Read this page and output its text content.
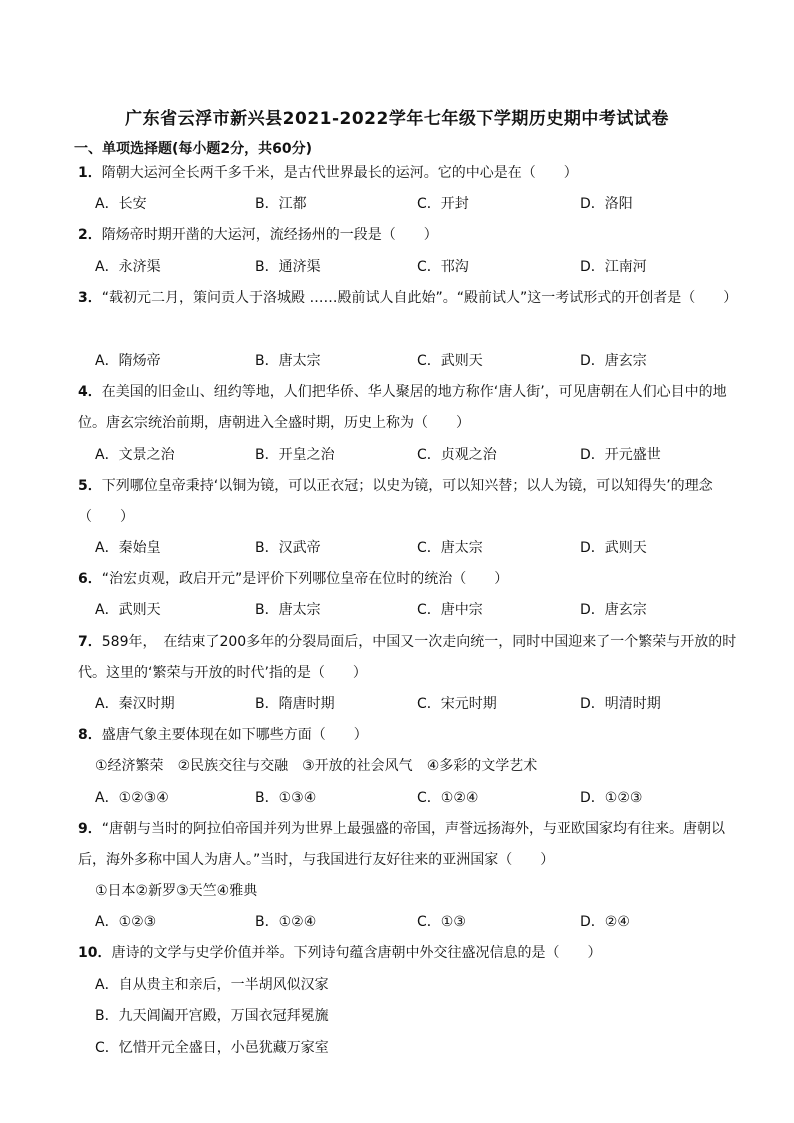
广东省云浮市新兴县2021-2022学年七年级下学期历史期中考试试卷
一、单项选择题(每小题2分，共60分)
1．隋朝大运河全长两千多千米，是古代世界最长的运河。它的中心是在（　　）
A．长安	B．江都	C．开封	D．洛阳
2．隋炀帝时期开凿的大运河，流经扬州的一段是（　　）
A．永济渠	B．通济渠	C．邗沟	D．江南河
3．“载初元二月，策问贡人于洛城殿 ……殿前试人自此始”。“殿前试人”这一考试形式的开创者是（　　）
A．隋炀帝	B．唐太宗	C．武则天	D．唐玄宗
4．在美国的旧金山、纽约等地，人们把华侨、华人聚居的地方称作‘唐人街’，可见唐朝在人们心目中的地位。唐玄宗统治前期，唐朝进入全盛时期，历史上称为（　　）
A．文景之治	B．开皇之治	C．贞观之治	D．开元盛世
5．下列哪位皇帝秉持‘以铜为镜，可以正衣冠；以史为镜，可以知兴替；以人为镜，可以知得失’的理念（　　）
A．秦始皇	B．汉武帝	C．唐太宗	D．武则天
6．“治宏贞观，政启开元”是评价下列哪位皇帝在位时的统治（　　）
A．武则天	B．唐太宗	C．唐中宗	D．唐玄宗
7．589年，　在结束了200多年的分裂局面后，中国又一次走向统一，同时中国迎来了一个繁荣与开放的时代。这里的‘繁荣与开放的时代’指的是（　　）
A．秦汉时期	B．隋唐时期	C．宋元时期	D．明清时期
8．盛唐气象主要体现在如下哪些方面（　　）
①经济繁荣 ②民族交往与交融 ③开放的社会风气 ④多彩的文学艺术
A．①②③④	B．①③④	C．①②④	D．①②③
9．“唐朝与当时的阿拉伯帝国并列为世界上最强盛的帝国，声誉远扬海外，与亚欧国家均有往来。唐朝以后，海外多称中国人为唐人。”当时，与我国进行友好往来的亚洲国家（　　）
①日本②新罗③天竺④雅典
A．①②③	B．①②④	C．①③	D．②④
10．唐诗的文学与史学价值并举。下列诗句蕴含唐朝中外交往盛况信息的是（　　）
A．自从贵主和亲后，一半胡风似汉家
B．九天阊阖开宫殿，万国衣冠拜冕旒
C．忆惜开元全盛日，小邑犹藏万家室
